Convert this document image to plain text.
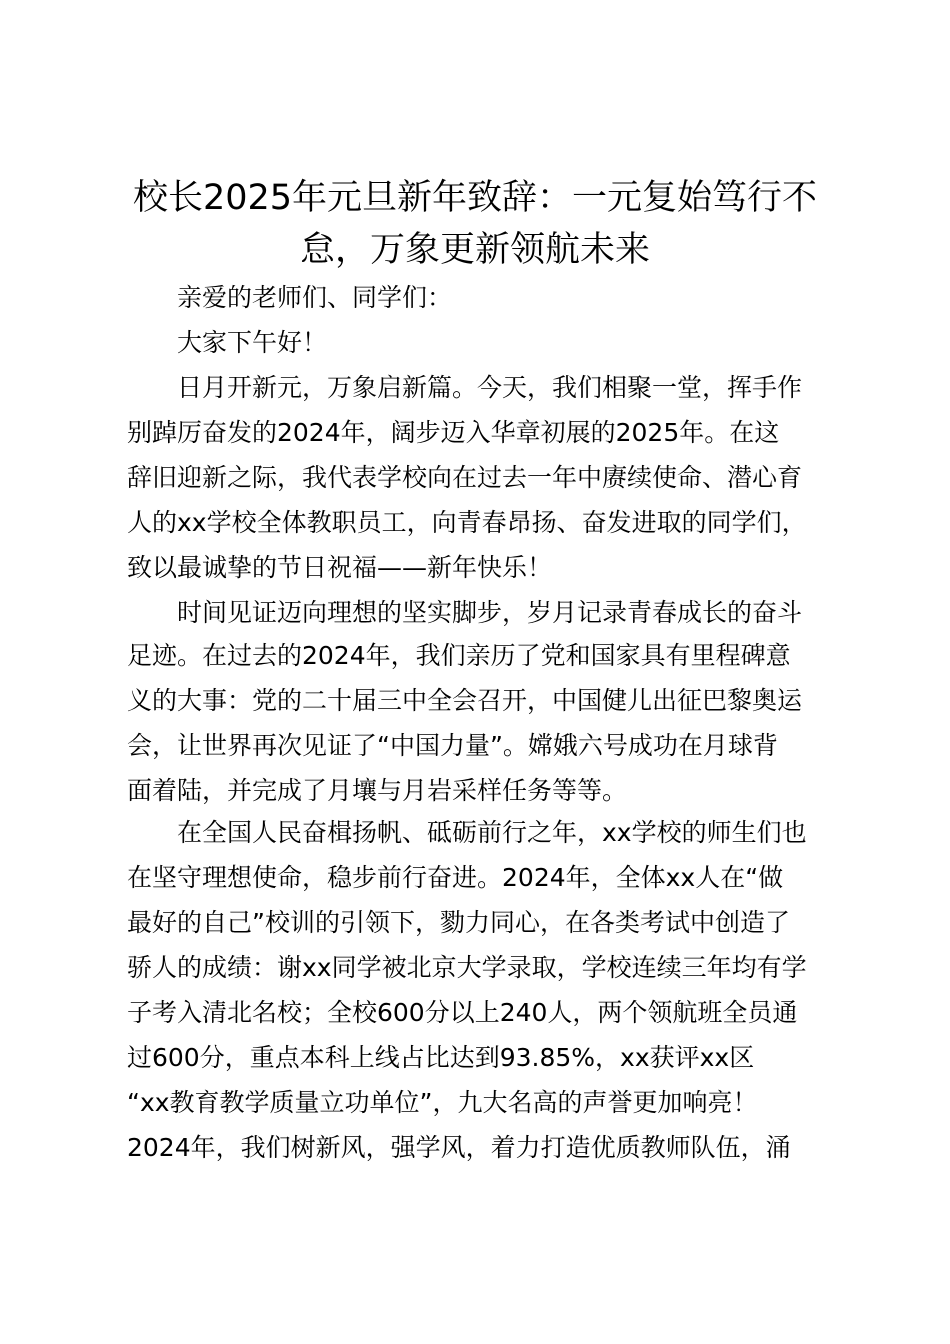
校长2025年元旦新年致辞：一元复始笃行不
怠，万象更新领航未来

亲爱的老师们、同学们：

大家下午好！

日月开新元，万象启新篇。今天，我们相聚一堂，挥手作

别踔厉奋发的2024年，阔步迈入华章初展的2025年。在这

辞旧迎新之际，我代表学校向在过去一年中赓续使命、潜心育

人的xx学校全体教职员工，向青春昂扬、奋发进取的同学们，

致以最诚挚的节日祝福——新年快乐！

时间见证迈向理想的坚实脚步，岁月记录青春成长的奋斗

足迹。在过去的2024年，我们亲历了党和国家具有里程碑意

义的大事：党的二十届三中全会召开，中国健儿出征巴黎奥运

会，让世界再次见证了“中国力量”。嫦娥六号成功在月球背

面着陆，并完成了月壤与月岩采样任务等等。

在全国人民奋楫扬帆、砥砺前行之年，xx学校的师生们也

在坚守理想使命，稳步前行奋进。2024年，全体xx人在“做

最好的自己”校训的引领下，勠力同心，在各类考试中创造了

骄人的成绩：谢xx同学被北京大学录取，学校连续三年均有学

子考入清北名校；全校600分以上240人，两个领航班全员通

过600分，重点本科上线占比达到93.85%，xx获评xx区

“xx教育教学质量立功单位”，九大名高的声誉更加响亮！

2024年，我们树新风，强学风，着力打造优质教师队伍，涌
